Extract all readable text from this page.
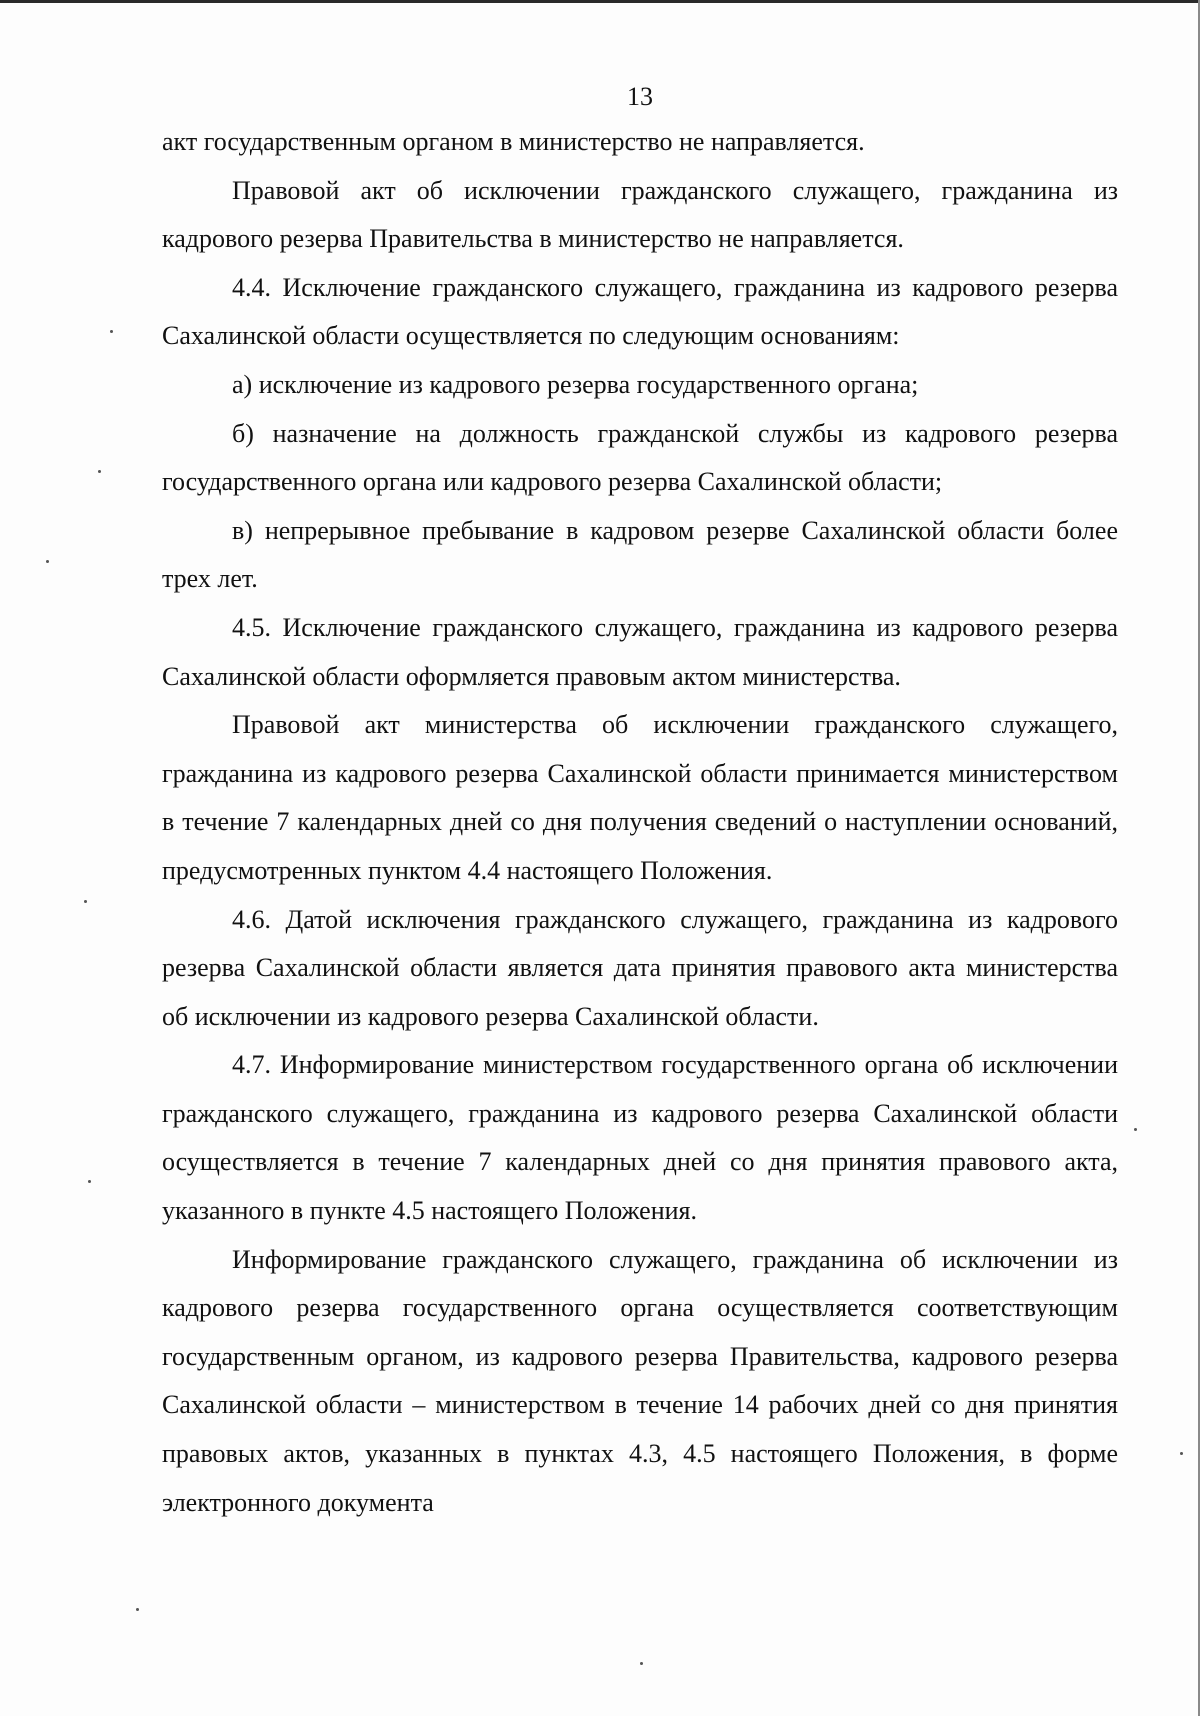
13

акт государственным органом в министерство не направляется.

Правовой акт об исключении гражданского служащего, гражданина из кадрового резерва Правительства в министерство не направляется.

4.4. Исключение гражданского служащего, гражданина из кадрового резерва Сахалинской области осуществляется по следующим основаниям:

а) исключение из кадрового резерва государственного органа;

б) назначение на должность гражданской службы из кадрового резерва государственного органа или кадрового резерва Сахалинской области;

в) непрерывное пребывание в кадровом резерве Сахалинской области более трех лет.

4.5. Исключение гражданского служащего, гражданина из кадрового резерва Сахалинской области оформляется правовым актом министерства.

Правовой акт министерства об исключении гражданского служащего, гражданина из кадрового резерва Сахалинской области принимается министерством в течение 7 календарных дней со дня получения сведений о наступлении оснований, предусмотренных пунктом 4.4 настоящего Положения.

4.6. Датой исключения гражданского служащего, гражданина из кадрового резерва Сахалинской области является дата принятия правового акта министерства об исключении из кадрового резерва Сахалинской области.

4.7. Информирование министерством государственного органа об исключении гражданского служащего, гражданина из кадрового резерва Сахалинской области осуществляется в течение 7 календарных дней со дня принятия правового акта, указанного в пункте 4.5 настоящего Положения.

Информирование гражданского служащего, гражданина об исключении из кадрового резерва государственного органа осуществляется соответствующим государственным органом, из кадрового резерва Правительства, кадрового резерва Сахалинской области – министерством в течение 14 рабочих дней со дня принятия правовых актов, указанных в пунктах 4.3, 4.5 настоящего Положения, в форме электронного документа
